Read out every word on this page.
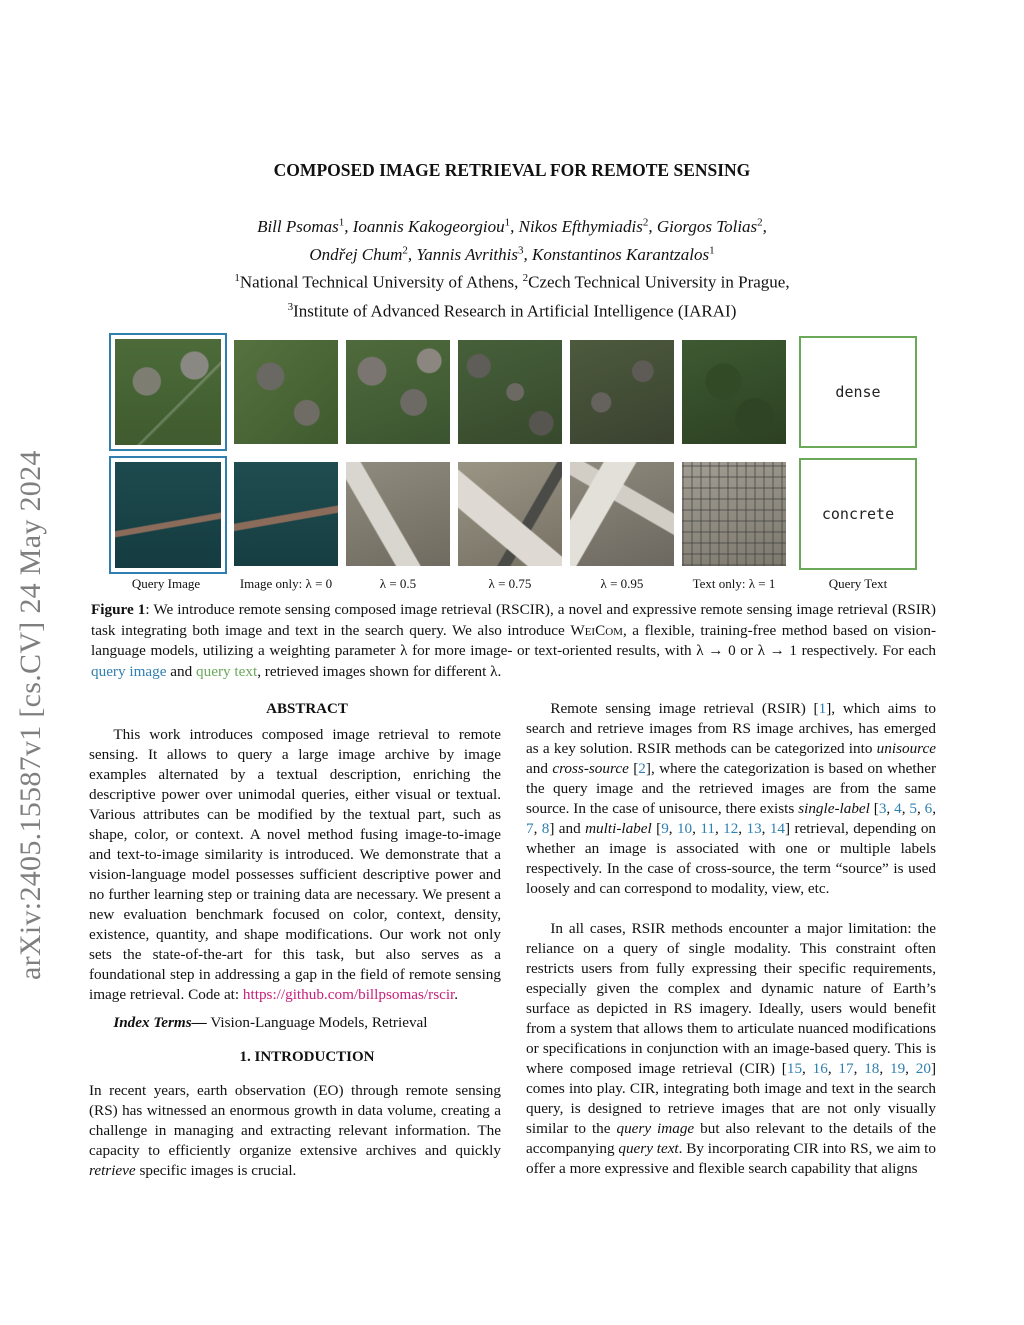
arXiv:2405.15587v1 [cs.CV] 24 May 2024
COMPOSED IMAGE RETRIEVAL FOR REMOTE SENSING
Bill Psomas$^1$, Ioannis Kakogeorgiou$^1$, Nikos Efthymiadis$^2$, Giorgos Tolias$^2$,
Ondřej Chum$^2$, Yannis Avrithis$^3$, Konstantinos Karantzalos$^1$
$^1$National Technical University of Athens, $^2$Czech Technical University in Prague,
$^3$Institute of Advanced Research in Artificial Intelligence (IARAI)
dense
concrete
Query Image	Image only: λ = 0	λ = 0.5	λ = 0.75	λ = 0.95	Text only: λ = 1	Query Text
Figure 1: We introduce remote sensing composed image retrieval (RSCIR), a novel and expressive remote sensing image retrieval (RSIR) task integrating both image and text in the search query. We also introduce WeiCom, a flexible, training-free method based on vision-language models, utilizing a weighting parameter λ for more image- or text-oriented results, with λ → 0 or λ → 1 respectively. For each query image and query text, retrieved images shown for different λ.

ABSTRACT

This work introduces composed image retrieval to remote sensing. It allows to query a large image archive by image examples alternated by a textual description, enriching the descriptive power over unimodal queries, either visual or textual. Various attributes can be modified by the textual part, such as shape, color, or context. A novel method fusing image-to-image and text-to-image similarity is introduced. We demonstrate that a vision-language model possesses sufficient descriptive power and no further learning step or training data are necessary. We present a new evaluation benchmark focused on color, context, density, existence, quantity, and shape modifications. Our work not only sets the state-of-the-art for this task, but also serves as a foundational step in addressing a gap in the field of remote sensing image retrieval. Code at: https://github.com/billpsomas/rscir.

Index Terms— Vision-Language Models, Retrieval

1. INTRODUCTION

In recent years, earth observation (EO) through remote sensing (RS) has witnessed an enormous growth in data volume, creating a challenge in managing and extracting relevant information. The capacity to efficiently organize extensive archives and quickly retrieve specific images is crucial.

Remote sensing image retrieval (RSIR) [1], which aims to search and retrieve images from RS image archives, has emerged as a key solution. RSIR methods can be categorized into unisource and cross-source [2], where the categorization is based on whether the query image and the retrieved images are from the same source. In the case of unisource, there exists single-label [3, 4, 5, 6, 7, 8] and multi-label [9, 10, 11, 12, 13, 14] retrieval, depending on whether an image is associated with one or multiple labels respectively. In the case of cross-source, the term “source” is used loosely and can correspond to modality, view, etc.

In all cases, RSIR methods encounter a major limitation: the reliance on a query of single modality. This constraint often restricts users from fully expressing their specific requirements, especially given the complex and dynamic nature of Earth’s surface as depicted in RS imagery. Ideally, users would benefit from a system that allows them to articulate nuanced modifications or specifications in conjunction with an image-based query. This is where composed image retrieval (CIR) [15, 16, 17, 18, 19, 20] comes into play. CIR, integrating both image and text in the search query, is designed to retrieve images that are not only visually similar to the query image but also relevant to the details of the accompanying query text. By incorporating CIR into RS, we aim to offer a more expressive and flexible search capability that aligns
